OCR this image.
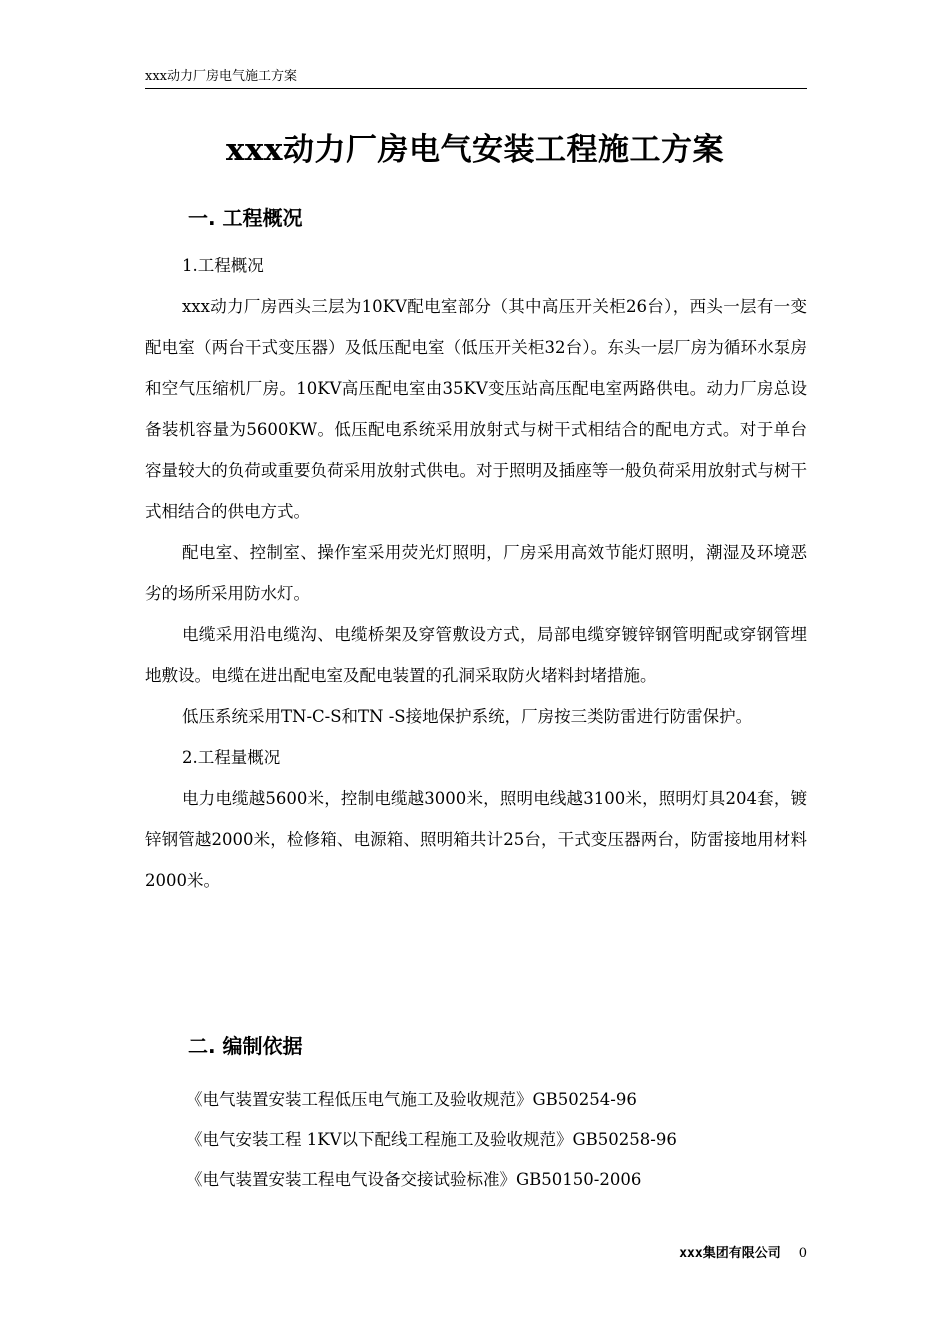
xxx动力厂房电气施工方案
xxx动力厂房电气安装工程施工方案
一. 工程概况

1.工程概况

xxx动力厂房西头三层为10KV配电室部分（其中高压开关柜26台），西头一层有一变配电室（两台干式变压器）及低压配电室（低压开关柜32台）。东头一层厂房为循环水泵房和空气压缩机厂房。10KV高压配电室由35KV变压站高压配电室两路供电。动力厂房总设备装机容量为5600KW。低压配电系统采用放射式与树干式相结合的配电方式。对于单台容量较大的负荷或重要负荷采用放射式供电。对于照明及插座等一般负荷采用放射式与树干式相结合的供电方式。

配电室、控制室、操作室采用荧光灯照明，厂房采用高效节能灯照明，潮湿及环境恶劣的场所采用防水灯。

电缆采用沿电缆沟、电缆桥架及穿管敷设方式，局部电缆穿镀锌钢管明配或穿钢管埋地敷设。电缆在进出配电室及配电装置的孔洞采取防火堵料封堵措施。

低压系统采用TN-C-S和TN -S接地保护系统，厂房按三类防雷进行防雷保护。

2.工程量概况

电力电缆越5600米，控制电缆越3000米，照明电线越3100米，照明灯具204套，镀锌钢管越2000米，检修箱、电源箱、照明箱共计25台，干式变压器两台，防雷接地用材料2000米。

二. 编制依据
《电气装置安装工程低压电气施工及验收规范》GB50254-96
《电气安装工程 1KV以下配线工程施工及验收规范》GB50258-96
《电气装置安装工程电气设备交接试验标准》GB50150-2006
xxx集团有限公司 0
